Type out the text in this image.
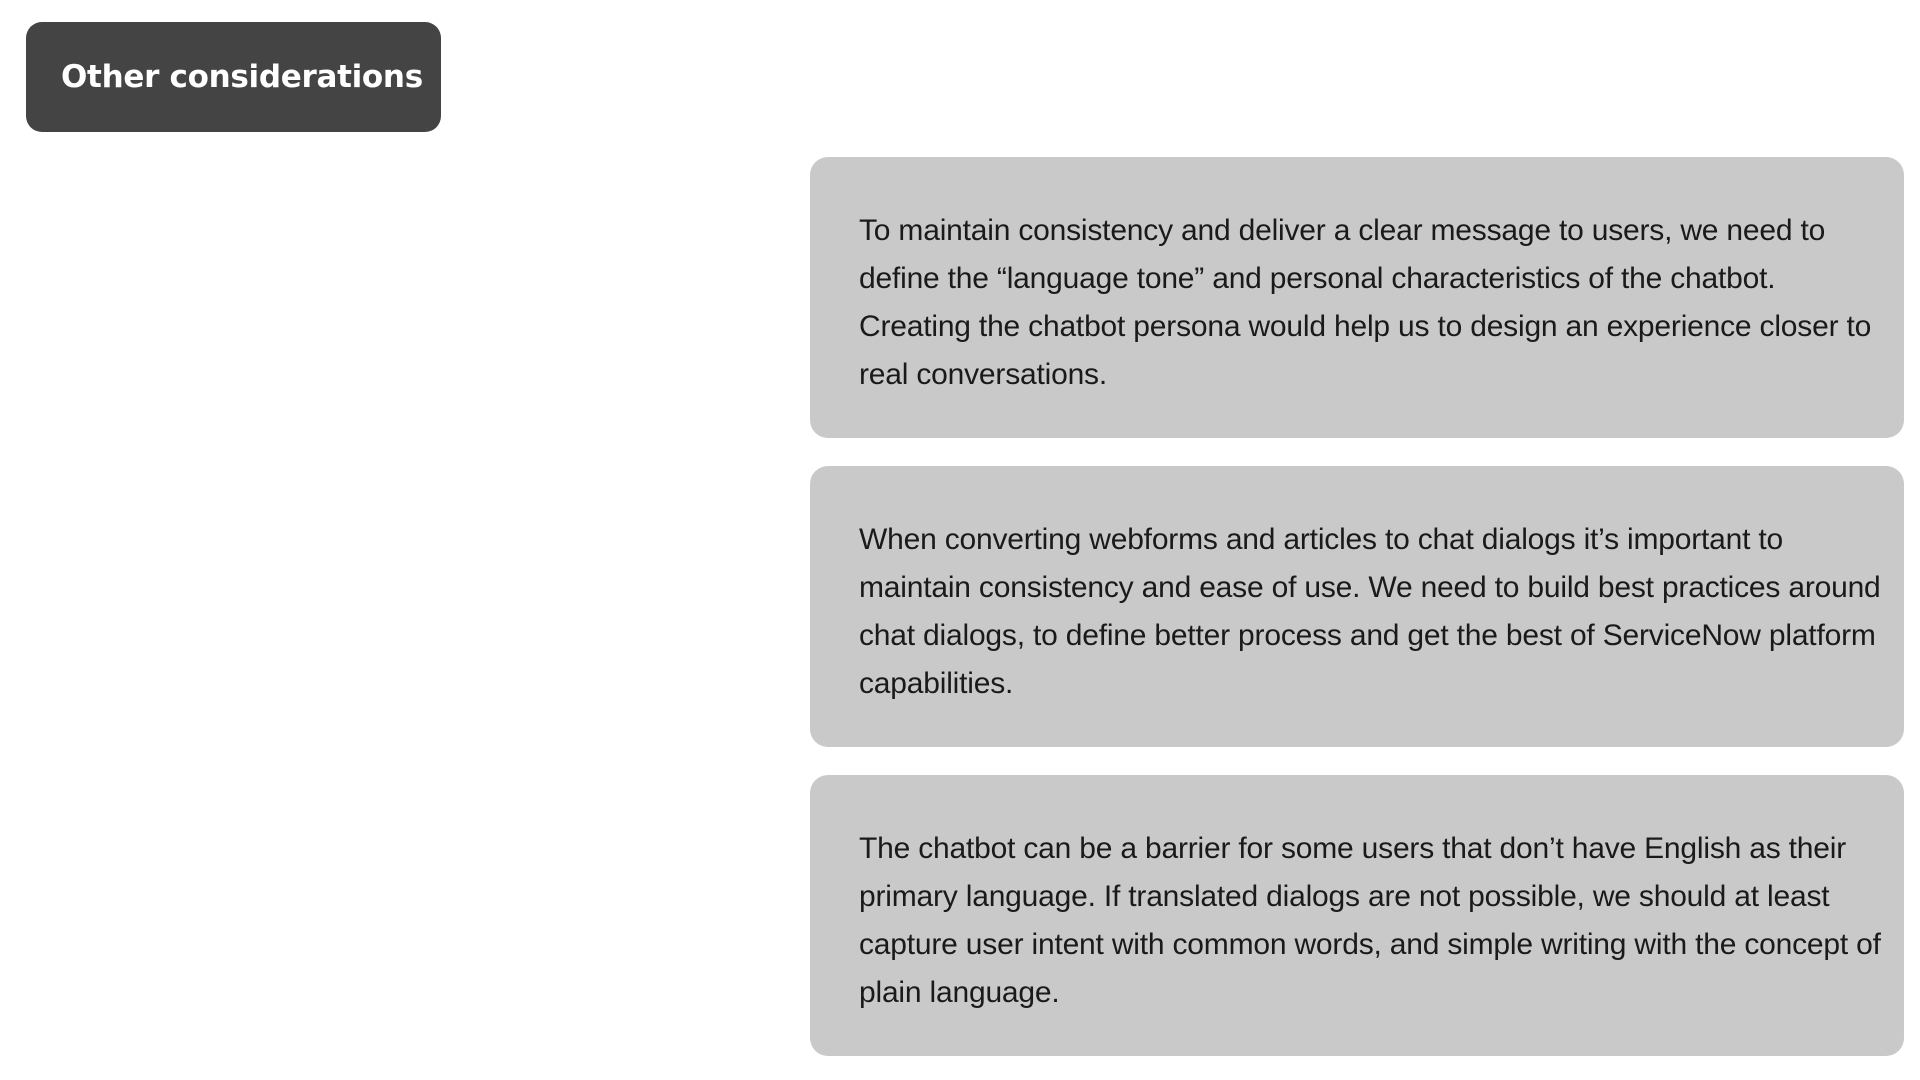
Other considerations

To maintain consistency and deliver a clear message to users, we need to define the “language tone” and personal characteristics of the chatbot. Creating the chatbot persona would help us to design an experience closer to real conversations.

When converting webforms and articles to chat dialogs it’s important to maintain consistency and ease of use. We need to build best practices around chat dialogs, to define better process and get the best of ServiceNow platform capabilities.

The chatbot can be a barrier for some users that don’t have English as their primary language. If translated dialogs are not possible, we should at least capture user intent with common words, and simple writing with the concept of plain language.
